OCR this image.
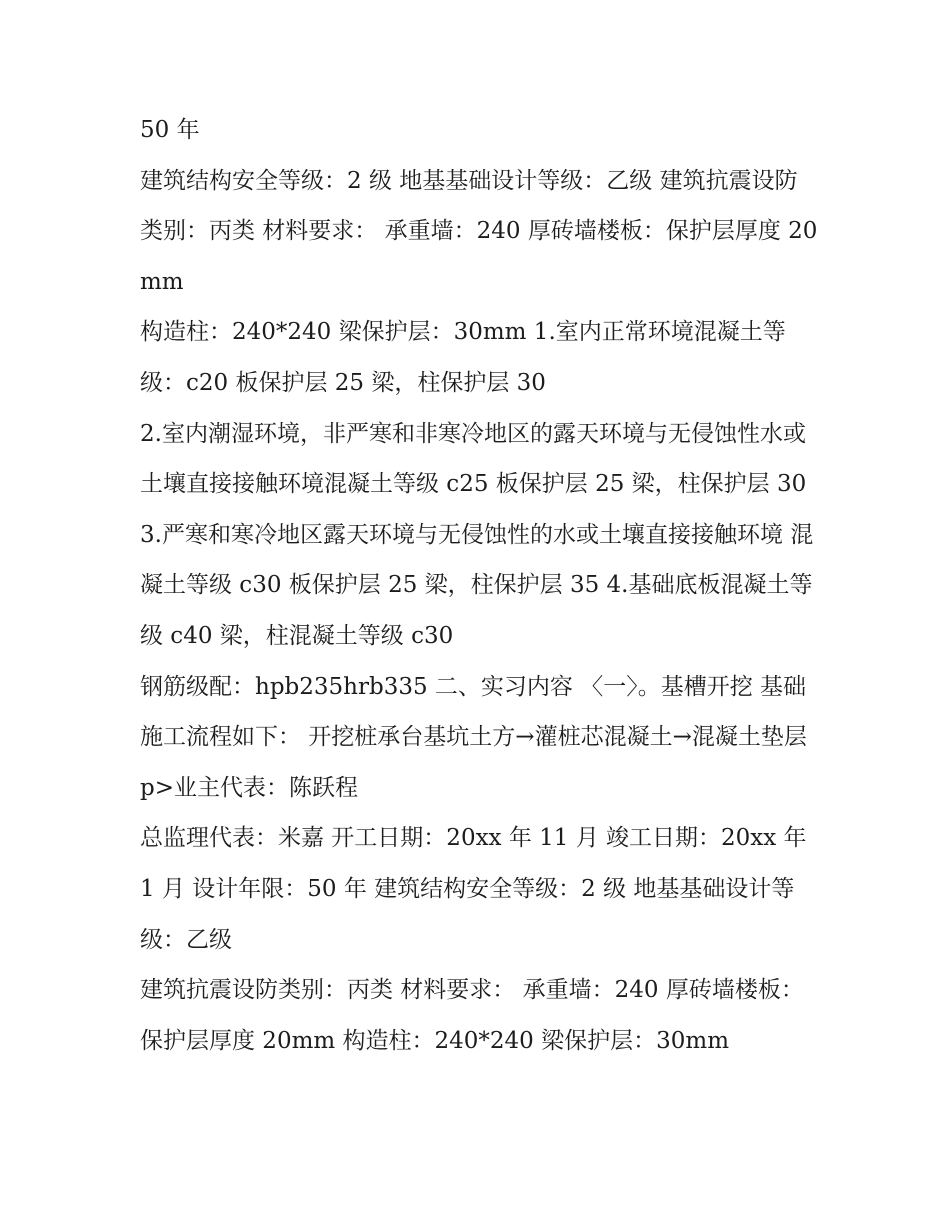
50 年

建筑结构安全等级：2 级 地基基础设计等级：乙级 建筑抗震设防类别：丙类 材料要求： 承重墙：240 厚砖墙楼板：保护层厚度 20mm

构造柱：240*240 梁保护层：30mm 1.室内正常环境混凝土等级：c20 板保护层 25 梁，柱保护层 30

2.室内潮湿环境，非严寒和非寒冷地区的露天环境与无侵蚀性水或土壤直接接触环境混凝土等级 c25 板保护层 25 梁，柱保护层 30

3.严寒和寒冷地区露天环境与无侵蚀性的水或土壤直接接触环境 混凝土等级 c30 板保护层 25 梁，柱保护层 35 4.基础底板混凝土等级 c40 梁，柱混凝土等级 c30

钢筋级配：hpb235hrb335 二、实习内容 〈一〉。基槽开挖 基础施工流程如下： 开挖桩承台基坑土方→灌桩芯混凝土→混凝土垫层 p>业主代表：陈跃程

总监理代表：米嘉 开工日期：20xx 年 11 月 竣工日期：20xx 年 1 月 设计年限：50 年 建筑结构安全等级：2 级 地基基础设计等级：乙级

建筑抗震设防类别：丙类 材料要求： 承重墙：240 厚砖墙楼板：保护层厚度 20mm 构造柱：240*240 梁保护层：30mm
